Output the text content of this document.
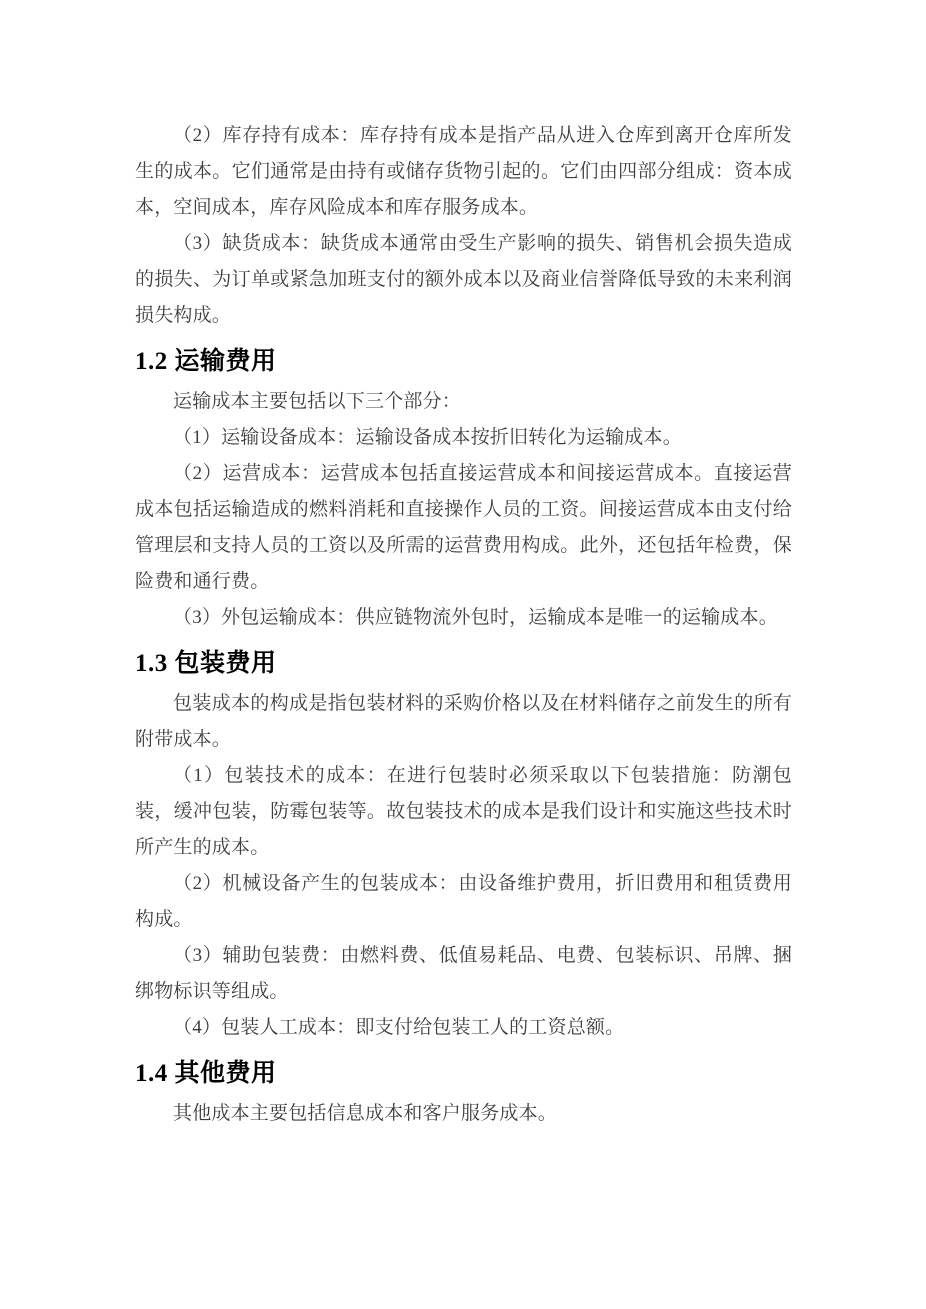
（2）库存持有成本：库存持有成本是指产品从进入仓库到离开仓库所发生的成本。它们通常是由持有或储存货物引起的。它们由四部分组成：资本成本，空间成本，库存风险成本和库存服务成本。

（3）缺货成本：缺货成本通常由受生产影响的损失、销售机会损失造成的损失、为订单或紧急加班支付的额外成本以及商业信誉降低导致的未来利润损失构成。

1.2 运输费用

运输成本主要包括以下三个部分：

（1）运输设备成本：运输设备成本按折旧转化为运输成本。

（2）运营成本：运营成本包括直接运营成本和间接运营成本。直接运营成本包括运输造成的燃料消耗和直接操作人员的工资。间接运营成本由支付给管理层和支持人员的工资以及所需的运营费用构成。此外，还包括年检费，保险费和通行费。

（3）外包运输成本：供应链物流外包时，运输成本是唯一的运输成本。

1.3 包装费用

包装成本的构成是指包装材料的采购价格以及在材料储存之前发生的所有附带成本。

（1）包装技术的成本：在进行包装时必须采取以下包装措施：防潮包装，缓冲包装，防霉包装等。故包装技术的成本是我们设计和实施这些技术时所产生的成本。

（2）机械设备产生的包装成本：由设备维护费用，折旧费用和租赁费用构成。

（3）辅助包装费：由燃料费、低值易耗品、电费、包装标识、吊牌、捆绑物标识等组成。

（4）包装人工成本：即支付给包装工人的工资总额。

1.4 其他费用

其他成本主要包括信息成本和客户服务成本。
